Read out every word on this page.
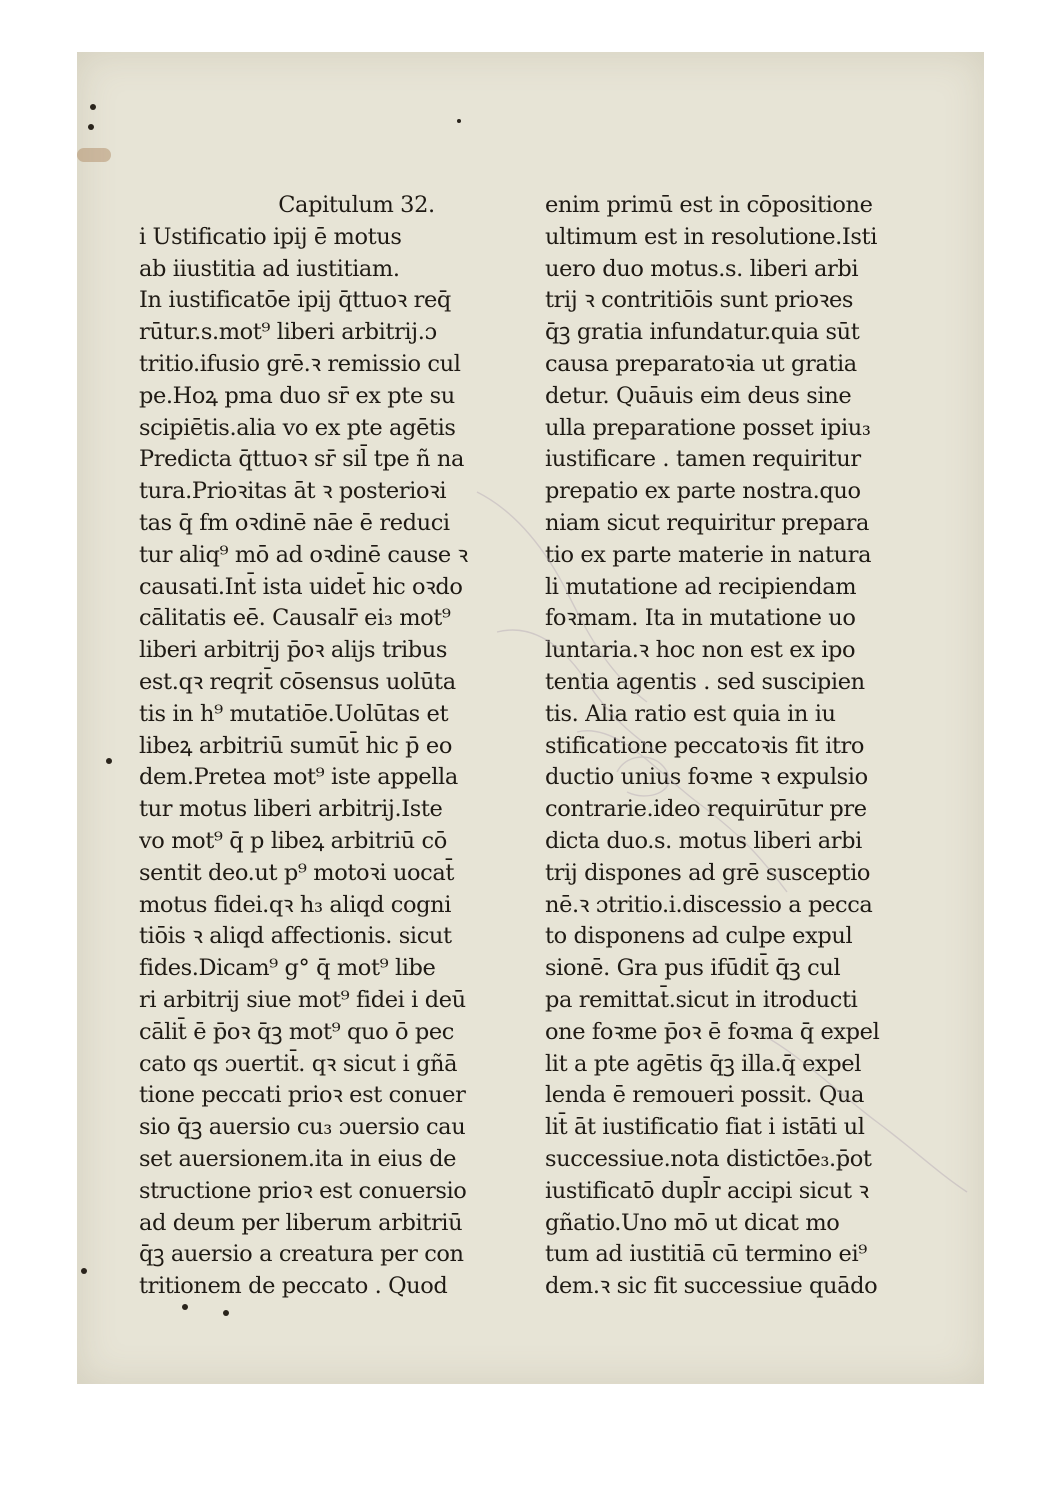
Capitulum 32.
i Ustificatio ipij ē motus
ab iiustitia ad iustitiam.
In iustificatōe ipij q̄ttuoꝛ req̄
rūtur.s.mot⁹ liberi arbitrij.ɔ
tritio.ifusio grē.ꝛ remissio cul
pe.Hoꝝ pma duo sr̄ ex pte su
scipiētis.alia vo ex pte agētis
Predicta q̄ttuoꝛ sr̄ sil̄ tpe ñ na
tura.Prioꝛitas āt ꝛ posterioꝛi
tas q̄ fm oꝛdinē nāe ē reduci
tur aliq⁹ mō ad oꝛdinē cause ꝛ
causati.Int̄ ista uidet̄ hic oꝛdo
cālitatis eē. Causalr̄ ei₃ mot⁹
liberi arbitrij p̄oꝛ alijs tribus
est.qꝛ reqrit̄ cōsensus uolūta
tis in h⁹ mutatiōe.Uolūtas et
libeꝝ arbitriū sumūt̄ hic p̄ eo
dem.Pretea mot⁹ iste appella
tur motus liberi arbitrij.Iste
vo mot⁹ q̄ p libeꝝ arbitriū cō
sentit deo.ut p⁹ motoꝛi uocat̄
motus fidei.qꝛ h₃ aliqd cogni
tiōis ꝛ aliqd affectionis. sicut
fides.Dicam⁹ g° q̄ mot⁹ libe
ri arbitrij siue mot⁹ fidei i deū
cālit̄ ē p̄oꝛ q̄ꝫ mot⁹ quo ō pec
cato qs ɔuertit̄. qꝛ sicut i gñā
tione peccati prioꝛ est conuer
sio q̄ꝫ auersio cu₃ ɔuersio cau
set auersionem.ita in eius de
structione prioꝛ est conuersio
ad deum per liberum arbitriū
q̄ꝫ auersio a creatura per con
tritionem de peccato . Quod
enim primū est in cōpositione
ultimum est in resolutione.Isti
uero duo motus.s. liberi arbi
trij ꝛ contritiōis sunt prioꝛes
q̄ꝫ gratia infundatur.quia sūt
causa preparatoꝛia ut gratia
detur. Quāuis eim deus sine
ulla preparatione posset ipiu₃
iustificare . tamen requiritur
prepatio ex parte nostra.quo
niam sicut requiritur prepara
tio ex parte materie in natura
li mutatione ad recipiendam
foꝛmam. Ita in mutatione uo
luntaria.ꝛ hoc non est ex ipo
tentia agentis . sed suscipien
tis. Alia ratio est quia in iu
stificatione peccatoꝛis fit itro
ductio unius foꝛme ꝛ expulsio
contrarie.ideo requirūtur pre
dicta duo.s. motus liberi arbi
trij dispones ad grē susceptio
nē.ꝛ ɔtritio.i.discessio a pecca
to disponens ad culpe expul
sionē. Gra pus ifūdit̄ q̄ꝫ cul
pa remittat̄.sicut in itroducti
one foꝛme p̄oꝛ ē foꝛma q̄ expel
lit a pte agētis q̄ꝫ illa.q̄ expel
lenda ē remoueri possit. Qua
lit̄ āt iustificatio fiat i istāti ul
successiue.nota distictōe₃.p̄ot
iustificatō dupl̄r accipi sicut ꝛ
gñatio.Uno mō ut dicat mo
tum ad iustitiā cū termino ei⁹
dem.ꝛ sic fit successiue quādo
